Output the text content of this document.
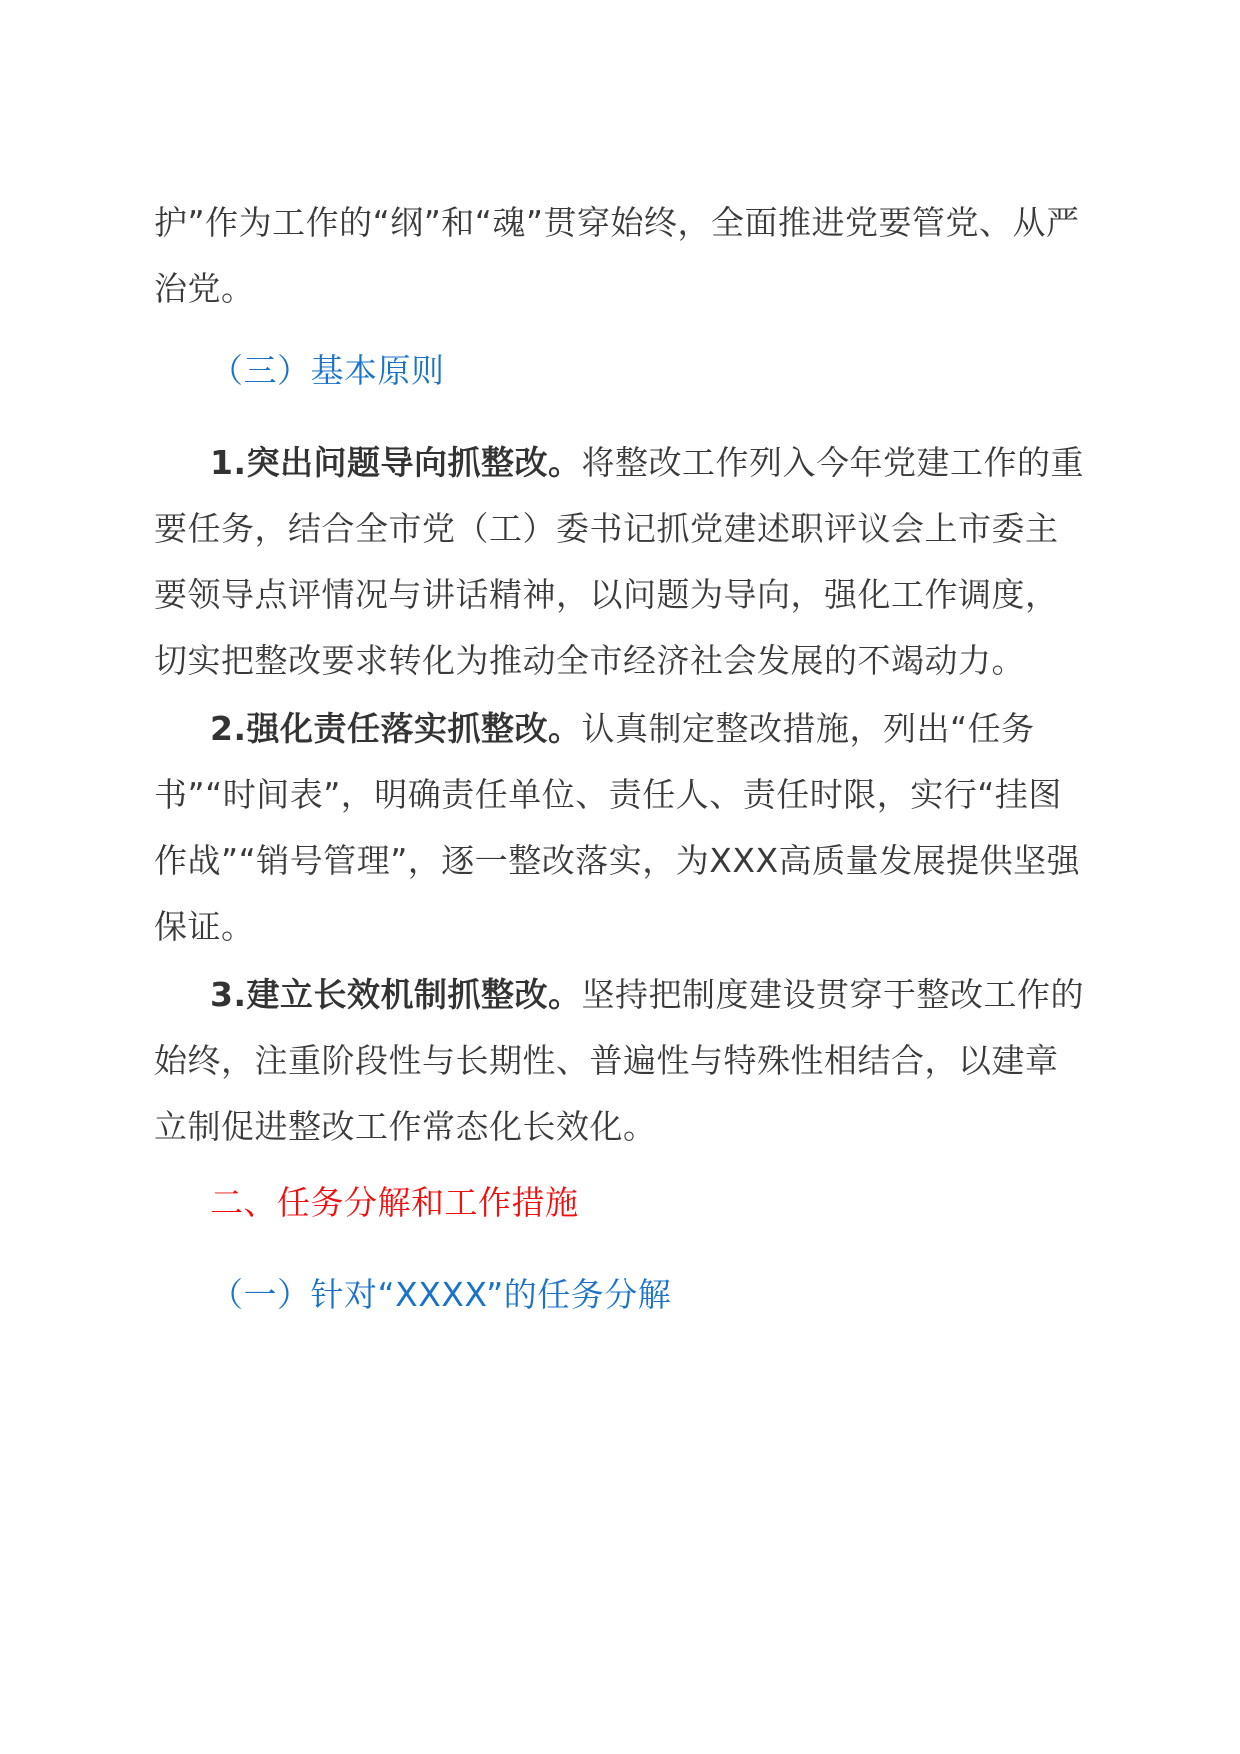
护”作为工作的“纲”和“魂”贯穿始终，全面推进党要管党、从严治党。

（三）基本原则

1.突出问题导向抓整改。将整改工作列入今年党建工作的重要任务，结合全市党（工）委书记抓党建述职评议会上市委主要领导点评情况与讲话精神，以问题为导向，强化工作调度，切实把整改要求转化为推动全市经济社会发展的不竭动力。

2.强化责任落实抓整改。认真制定整改措施，列出“任务书”“时间表”，明确责任单位、责任人、责任时限，实行“挂图作战”“销号管理”，逐一整改落实，为XXX高质量发展提供坚强保证。

3.建立长效机制抓整改。坚持把制度建设贯穿于整改工作的始终，注重阶段性与长期性、普遍性与特殊性相结合，以建章立制促进整改工作常态化长效化。

二、任务分解和工作措施

（一）针对“XXXX”的任务分解
